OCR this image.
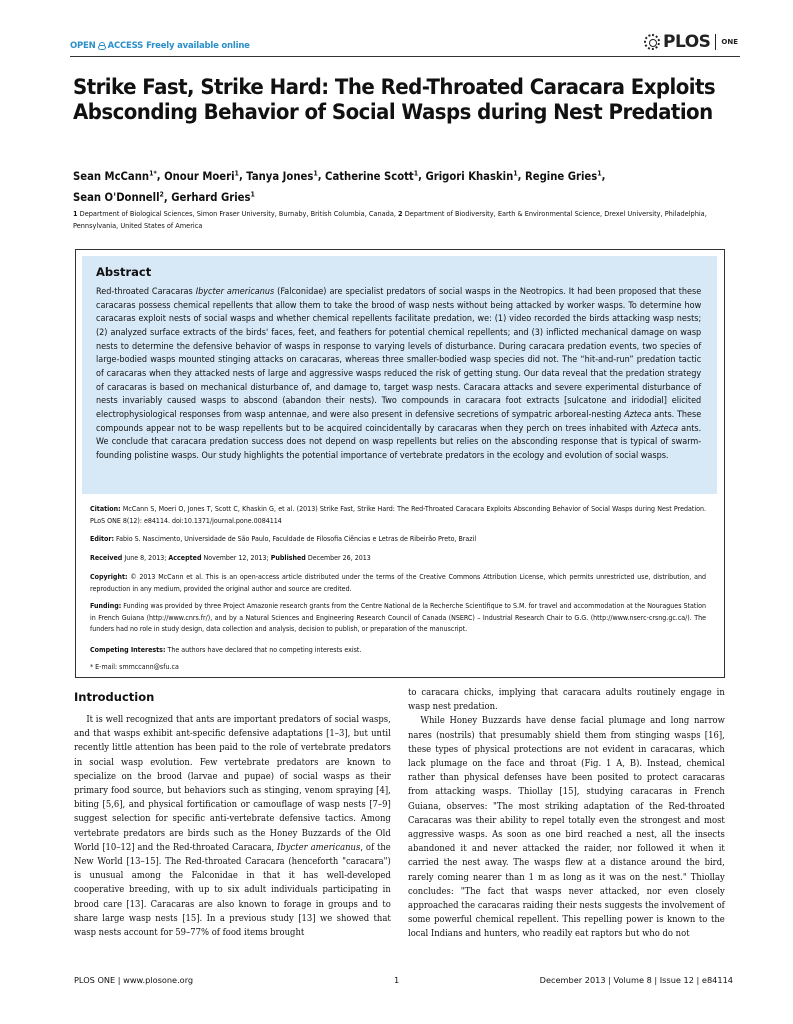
OPEN ACCESS Freely available online	PLOS ONE
Strike Fast, Strike Hard: The Red-Throated Caracara Exploits Absconding Behavior of Social Wasps during Nest Predation
Sean McCann$^{1*}$, Onour Moeri$^1$, Tanya Jones$^1$, Catherine Scott$^1$, Grigori Khaskin$^1$, Regine Gries$^1$,
Sean O'Donnell$^2$, Gerhard Gries$^1$
1 Department of Biological Sciences, Simon Fraser University, Burnaby, British Columbia, Canada, 2 Department of Biodiversity, Earth & Environmental Science, Drexel University, Philadelphia, Pennsylvania, United States of America
Abstract

Red-throated Caracaras Ibycter americanus (Falconidae) are specialist predators of social wasps in the Neotropics. It had been proposed that these caracaras possess chemical repellents that allow them to take the brood of wasp nests without being attacked by worker wasps. To determine how caracaras exploit nests of social wasps and whether chemical repellents facilitate predation, we: (1) video recorded the birds attacking wasp nests; (2) analyzed surface extracts of the birds' faces, feet, and feathers for potential chemical repellents; and (3) inflicted mechanical damage on wasp nests to determine the defensive behavior of wasps in response to varying levels of disturbance. During caracara predation events, two species of large-bodied wasps mounted stinging attacks on caracaras, whereas three smaller-bodied wasp species did not. The “hit-and-run” predation tactic of caracaras when they attacked nests of large and aggressive wasps reduced the risk of getting stung. Our data reveal that the predation strategy of caracaras is based on mechanical disturbance of, and damage to, target wasp nests. Caracara attacks and severe experimental disturbance of nests invariably caused wasps to abscond (abandon their nests). Two compounds in caracara foot extracts [sulcatone and iridodial] elicited electrophysiological responses from wasp antennae, and were also present in defensive secretions of sympatric arboreal-nesting Azteca ants. These compounds appear not to be wasp repellents but to be acquired coincidentally by caracaras when they perch on trees inhabited with Azteca ants. We conclude that caracara predation success does not depend on wasp repellents but relies on the absconding response that is typical of swarm-founding polistine wasps. Our study highlights the potential importance of vertebrate predators in the ecology and evolution of social wasps.

Citation: McCann S, Moeri O, Jones T, Scott C, Khaskin G, et al. (2013) Strike Fast, Strike Hard: The Red-Throated Caracara Exploits Absconding Behavior of Social Wasps during Nest Predation. PLoS ONE 8(12): e84114. doi:10.1371/journal.pone.0084114
Editor: Fabio S. Nascimento, Universidade de São Paulo, Faculdade de Filosofia Ciências e Letras de Ribeirão Preto, Brazil
Received June 8, 2013; Accepted November 12, 2013; Published December 26, 2013
Copyright: © 2013 McCann et al. This is an open-access article distributed under the terms of the Creative Commons Attribution License, which permits unrestricted use, distribution, and reproduction in any medium, provided the original author and source are credited.
Funding: Funding was provided by three Project Amazonie research grants from the Centre National de la Recherche Scientifique to S.M. for travel and accommodation at the Nouragues Station in French Guiana (http://www.cnrs.fr/), and by a Natural Sciences and Engineering Research Council of Canada (NSERC) – Industrial Research Chair to G.G. (http://www.nserc-crsng.gc.ca/). The funders had no role in study design, data collection and analysis, decision to publish, or preparation of the manuscript.
Competing Interests: The authors have declared that no competing interests exist.
* E-mail: smmccann@sfu.ca
Introduction

It is well recognized that ants are important predators of social wasps, and that wasps exhibit ant-specific defensive adaptations [1–3], but until recently little attention has been paid to the role of vertebrate predators in social wasp evolution. Few vertebrate predators are known to specialize on the brood (larvae and pupae) of social wasps as their primary food source, but behaviors such as stinging, venom spraying [4], biting [5,6], and physical fortification or camouflage of wasp nests [7–9] suggest selection for specific anti-vertebrate defensive tactics. Among vertebrate predators are birds such as the Honey Buzzards of the Old World [10–12] and the Red-throated Caracara, Ibycter americanus, of the New World [13–15]. The Red-throated Caracara (henceforth "caracara") is unusual among the Falconidae in that it has well-developed cooperative breeding, with up to six adult individuals participating in brood care [13]. Caracaras are also known to forage in groups and to share large wasp nests [15]. In a previous study [13] we showed that wasp nests account for 59–77% of food items brought

to caracara chicks, implying that caracara adults routinely engage in wasp nest predation.

While Honey Buzzards have dense facial plumage and long narrow nares (nostrils) that presumably shield them from stinging wasps [16], these types of physical protections are not evident in caracaras, which lack plumage on the face and throat (Fig. 1 A, B). Instead, chemical rather than physical defenses have been posited to protect caracaras from attacking wasps. Thiollay [15], studying caracaras in French Guiana, observes: "The most striking adaptation of the Red-throated Caracaras was their ability to repel totally even the strongest and most aggressive wasps. As soon as one bird reached a nest, all the insects abandoned it and never attacked the raider, nor followed it when it carried the nest away. The wasps flew at a distance around the bird, rarely coming nearer than 1 m as long as it was on the nest." Thiollay concludes: "The fact that wasps never attacked, nor even closely approached the caracaras raiding their nests suggests the involvement of some powerful chemical repellent. This repelling power is known to the local Indians and hunters, who readily eat raptors but who do not

PLOS ONE | www.plosone.org	1	December 2013 | Volume 8 | Issue 12 | e84114
